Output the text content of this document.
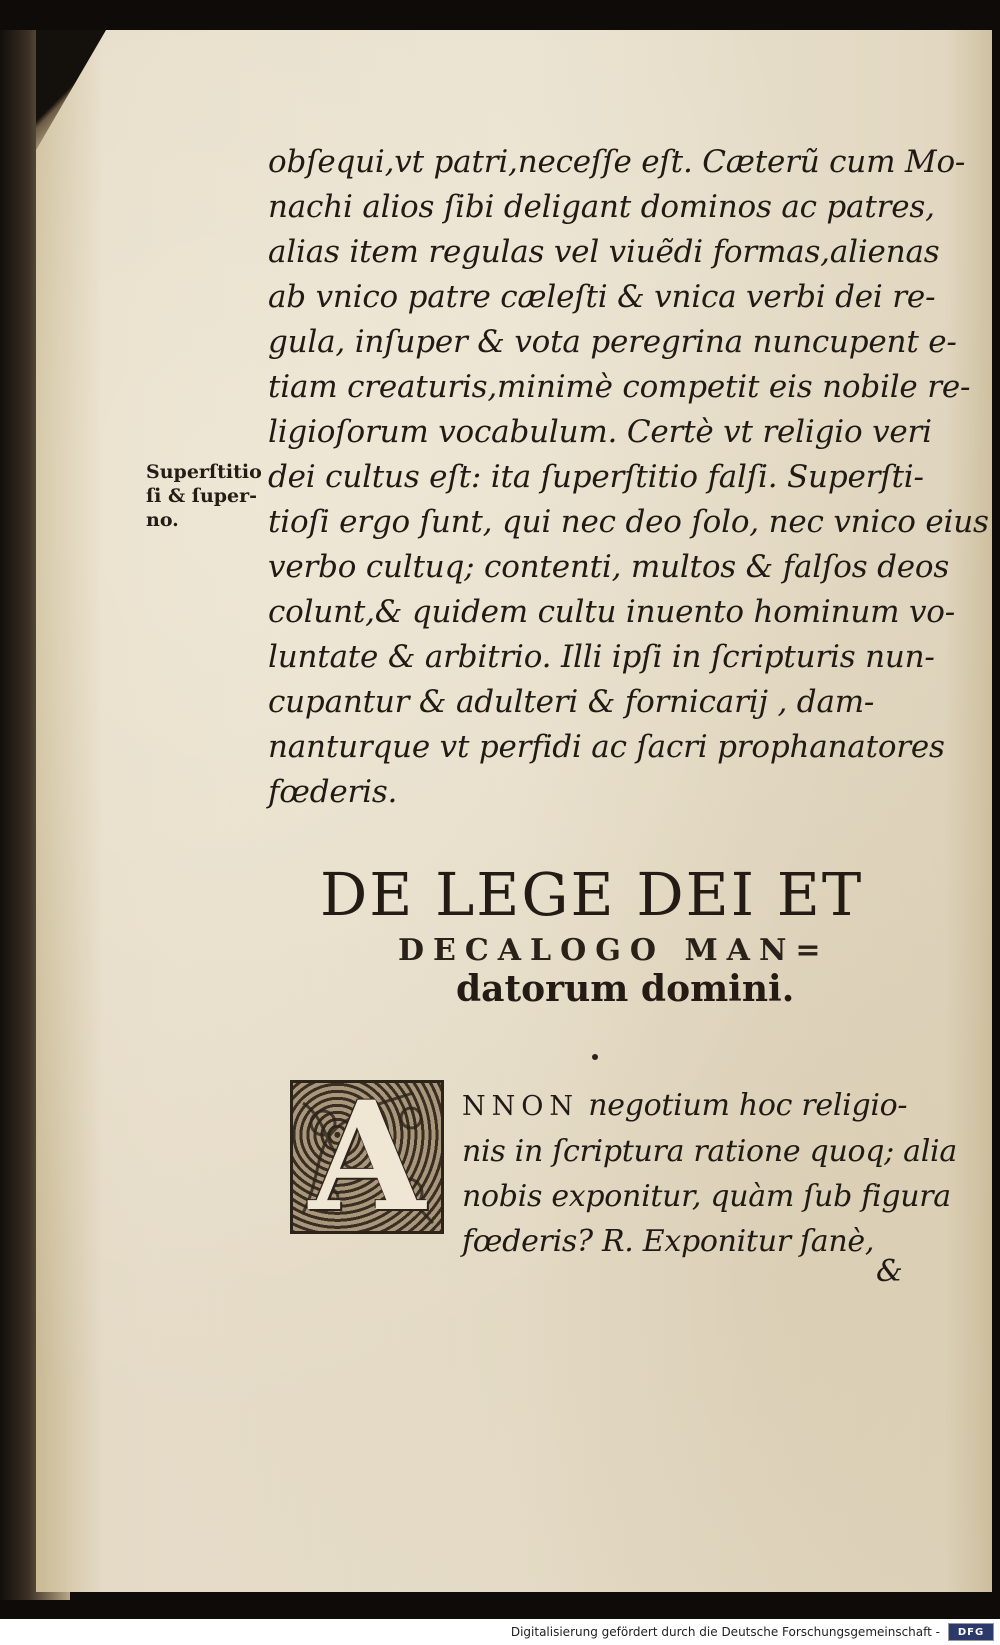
obſequi,vt patri,neceſſe eſt. Cæterũ cum Mo-
nachi alios ſibi deligant dominos ac patres,
alias item regulas vel viuẽdi formas,alienas
ab vnico patre cæleſti & vnica verbi dei re-
gula, inſuper & vota peregrina nuncupent e-
tiam creaturis,minimè competit eis nobile re-
ligioſorum vocabulum. Certè vt religio veri
dei cultus eſt: ita ſuperſtitio falſi. Superſti-
tioſi ergo ſunt, qui nec deo ſolo, nec vnico eius
verbo cultuq; contenti, multos & falſos deos
colunt,& quidem cultu inuento hominum vo-
luntate & arbitrio. Illi ipſi in ſcripturis nun-
cupantur & adulteri & fornicarij , dam-
nanturque vt perfidi ac ſacri prophanatores
fœderis.
Superſtitio
ſi & ſuper-
no.
DE LEGE DEI ET
DECALOGO MAN=
datorum domini.
A	NNON negotium hoc religio-
nis in ſcriptura ratione quoq; alia
nobis exponitur, quàm ſub figura
fœderis? R. Exponitur ſanè,
&
Digitalisierung gefördert durch die Deutsche Forschungsgemeinschaft -	DFG
